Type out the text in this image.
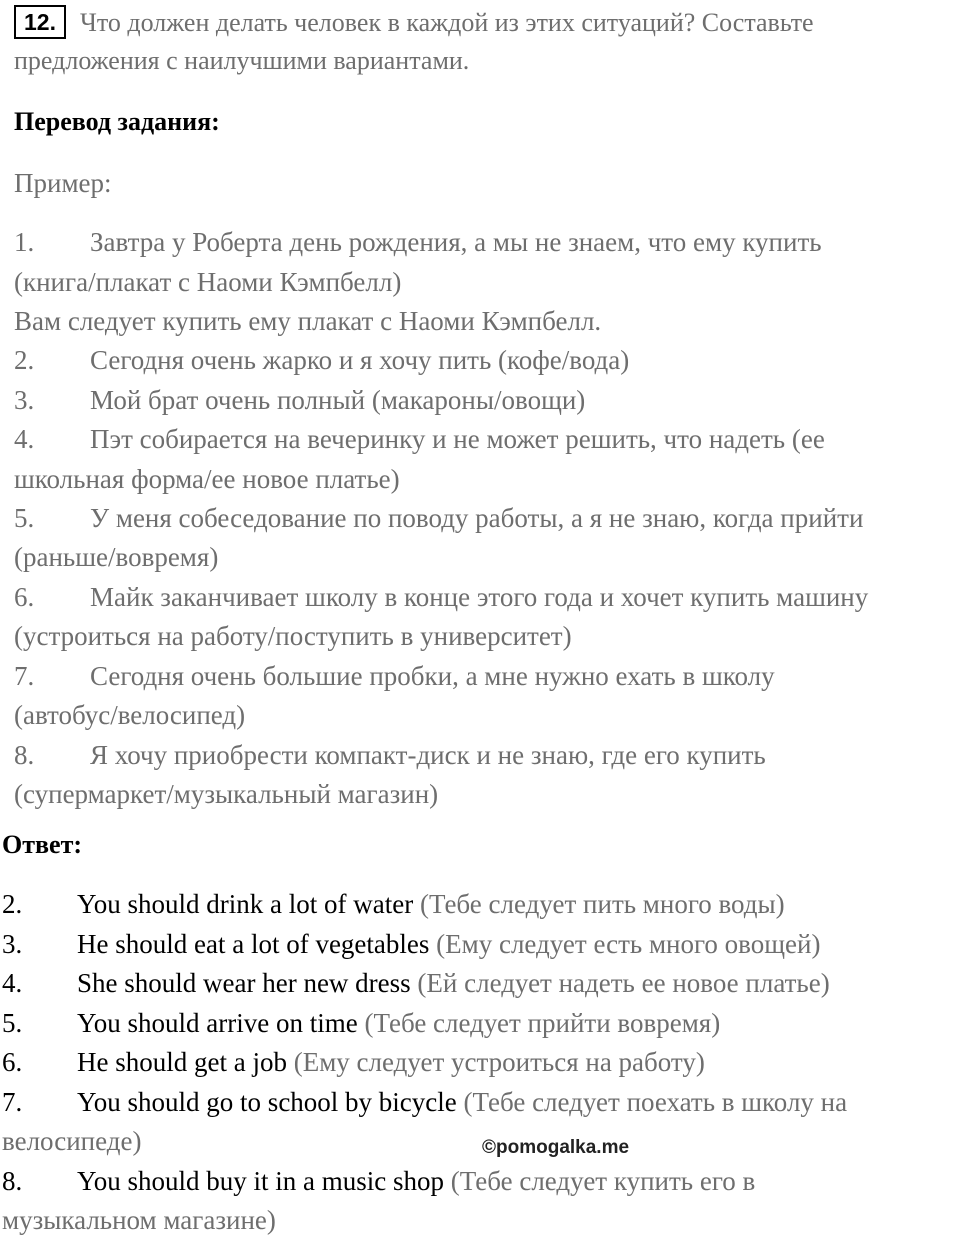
12. Что должен делать человек в каждой из этих ситуаций? Составьте
предложения с наилучшими вариантами.
Перевод задания:
Пример:
1. Завтра у Роберта день рождения, а мы не знаем, что ему купить
(книга/плакат с Наоми Кэмпбелл)
Вам следует купить ему плакат с Наоми Кэмпбелл.
2. Сегодня очень жарко и я хочу пить (кофе/вода)
3. Мой брат очень полный (макароны/овощи)
4. Пэт собирается на вечеринку и не может решить, что надеть (ее
школьная форма/ее новое платье)
5. У меня собеседование по поводу работы, а я не знаю, когда прийти
(раньше/вовремя)
6. Майк заканчивает школу в конце этого года и хочет купить машину
(устроиться на работу/поступить в университет)
7. Сегодня очень большие пробки, а мне нужно ехать в школу
(автобус/велосипед)
8. Я хочу приобрести компакт-диск и не знаю, где его купить
(супермаркет/музыкальный магазин)
Ответ:
2. You should drink a lot of water (Тебе следует пить много воды)
3. He should eat a lot of vegetables (Ему следует есть много овощей)
4. She should wear her new dress (Ей следует надеть ее новое платье)
5. You should arrive on time (Тебе следует прийти вовремя)
6. He should get a job (Ему следует устроиться на работу)
7. You should go to school by bicycle (Тебе следует поехать в школу на
велосипеде)
8. You should buy it in a music shop (Тебе следует купить его в
музыкальном магазине)
©pomogalka.me
